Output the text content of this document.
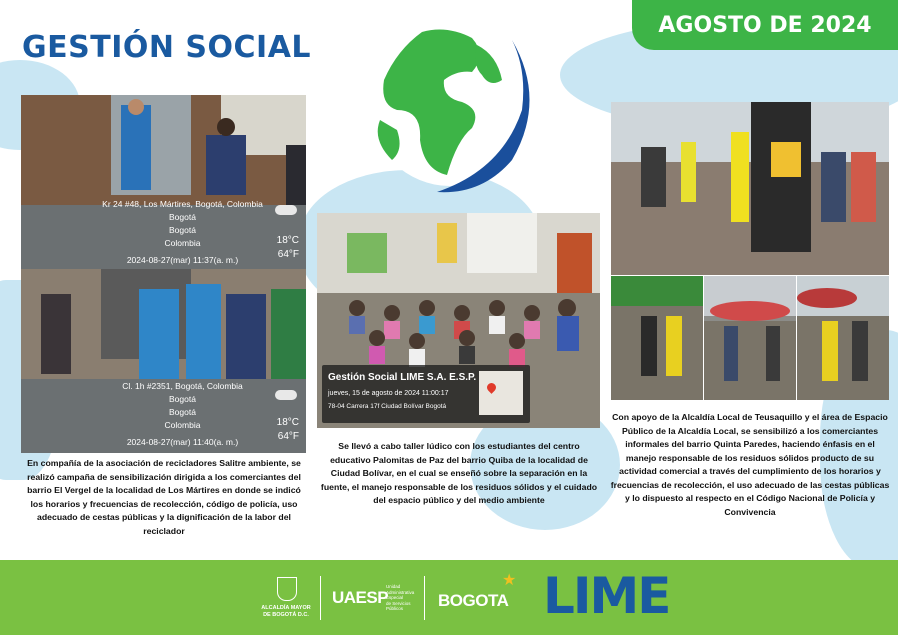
GESTIÓN SOCIAL
AGOSTO DE 2024
Kr 24 #48, Los Mártires, Bogotá, Colombia
Bogotá
Bogotá
Colombia
2024-08-27(mar) 11:37(a. m.)
18°C
64°F
Cl. 1h #2351, Bogotá, Colombia
Bogotá
Bogotá
Colombia
2024-08-27(mar) 11:40(a. m.)
18°C
64°F
En compañía de la asociación de recicladores Salitre ambiente, se realizó campaña de sensibilización dirigida a los comerciantes del barrio El Vergel de la localidad de Los Mártires en donde se indicó los horarios y frecuencias de recolección, código de policía, uso adecuado de cestas públicas y la dignificación de la labor del reciclador
Gestión Social LIME S.A. E.S.P.
jueves, 15 de agosto de 2024 11:00:17
78-04 Carrera 17f Ciudad Bolívar Bogotá
Se llevó a cabo taller lúdico con los estudiantes del centro educativo Palomitas de Paz del barrio Quiba de la localidad de Ciudad Bolívar, en el cual se enseñó sobre la separación en la fuente, el manejo responsable de los residuos sólidos y el cuidado del espacio público y del medio ambiente
Con apoyo de la Alcaldía Local de Teusaquillo y el área de Espacio Público de la Alcaldía Local, se sensibilizó a los comerciantes informales del barrio Quinta Paredes, haciendo énfasis en el manejo responsable de los residuos sólidos producto de su actividad comercial a través del cumplimiento de los horarios y frecuencias de recolección, el uso adecuado de las cestas públicas y lo dispuesto al respecto en el Código Nacional de Policía y Convivencia
ALCALDÍA MAYOR
DE BOGOTÁ D.C.
UAESP
Unidad
Administrativa
Especial
de Servicios
Públicos	BOGOTA
★ LIME
